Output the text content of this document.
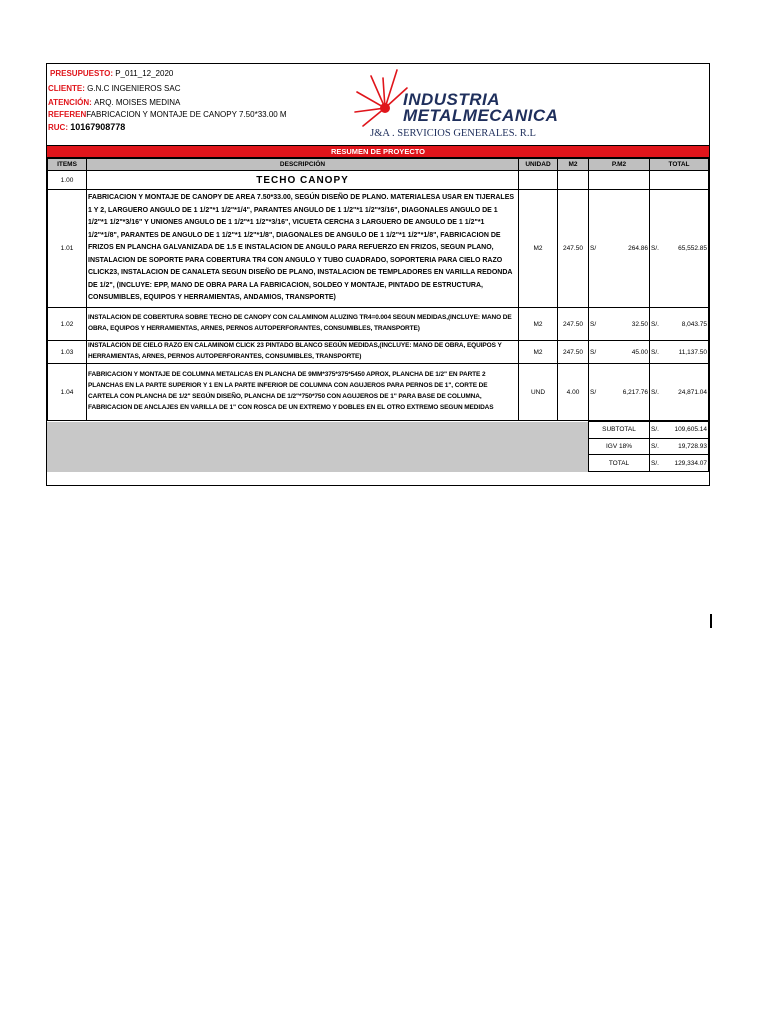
PRESUPUESTO: P_011_12_2020
CLIENTE: G.N.C INGENIEROS SAC
ATENCIÓN: ARQ. MOISES MEDINA
REFERENFABRICACION Y MONTAJE DE CANOPY 7.50*33.00 M
RUC: 10167908778
INDUSTRIA
METALMECANICA
J&A . SERVICIOS GENERALES. R.L
RESUMEN DE PROYECTO
ITEMS	DESCRIPCIÓN	UNIDAD	M2	P.M2	TOTAL
1.00	TECHO CANOPY				
1.01	FABRICACION Y MONTAJE DE CANOPY DE AREA 7.50*33.00, SEGÚN DISEÑO DE PLANO. MATERIALESA USAR EN TIJERALES 1 Y 2, LARGUERO ANGULO DE 1 1/2"*1 1/2"*1/4", PARANTES ANGULO DE 1 1/2"*1 1/2"*3/16", DIAGONALES ANGULO DE 1 1/2"*1 1/2"*3/16" Y UNIONES ANGULO DE 1 1/2"*1 1/2"*3/16", VICUETA CERCHA 3 LARGUERO DE ANGULO DE 1 1/2"*1 1/2"*1/8", PARANTES DE ANGULO DE 1 1/2"*1 1/2"*1/8", DIAGONALES DE ANGULO DE 1 1/2"*1 1/2"*1/8", FABRICACION DE FRIZOS EN PLANCHA GALVANIZADA DE 1.5 E INSTALACION DE ANGULO PARA REFUERZO EN FRIZOS, SEGUN PLANO, INSTALACION DE SOPORTE PARA COBERTURA TR4 CON ANGULO Y TUBO CUADRADO, SOPORTERIA PARA CIELO RAZO CLICK23, INSTALACION DE CANALETA SEGUN DISEÑO DE PLANO, INSTALACION DE TEMPLADORES EN VARILLA REDONDA DE 1/2", (INCLUYE: EPP, MANO DE OBRA PARA LA FABRICACION, SOLDEO Y MONTAJE, PINTADO DE ESTRUCTURA, CONSUMIBLES, EQUIPOS Y HERRAMIENTAS, ANDAMIOS, TRANSPORTE)	M2	247.50	S/ 264.86	S/. 65,552.85

1.02	INSTALACION DE COBERTURA SOBRE TECHO DE CANOPY CON CALAMINOM ALUZING TR4=0.004 SEGUN MEDIDAS,(INCLUYE: MANO DE OBRA, EQUIPOS Y HERRAMIENTAS, ARNES, PERNOS AUTOPERFORANTES, CONSUMIBLES, TRANSPORTE)	M2	247.50	S/ 32.50	S/. 8,043.75

1.03	INSTALACION DE CIELO RAZO EN CALAMINOM CLICK 23 PINTADO BLANCO SEGÚN MEDIDAS,(INCLUYE: MANO DE OBRA, EQUIPOS Y HERRAMIENTAS, ARNES, PERNOS AUTOPERFORANTES, CONSUMIBLES, TRANSPORTE)	M2	247.50	S/ 45.00	S/. 11,137.50

1.04	FABRICACION Y MONTAJE DE COLUMNA METALICAS EN PLANCHA DE 9MM*375*375*5450 APROX, PLANCHA DE 1/2" EN PARTE 2 PLANCHAS EN LA PARTE SUPERIOR Y 1 EN LA PARTE INFERIOR DE COLUMNA CON AGUJEROS PARA PERNOS DE 1", CORTE DE CARTELA CON PLANCHA DE 1/2" SEGÚN DISEÑO, PLANCHA DE 1/2"*750*750 CON AGUJEROS DE 1" PARA BASE DE COLUMNA, FABRICACION DE ANCLAJES EN VARILLA DE 1" CON ROSCA DE UN EXTREMO Y DOBLES EN EL OTRO EXTREMO SEGUN MEDIDAS	UND	4.00	S/ 6,217.76	S/. 24,871.04
	SUBTOTAL	S/. 109,605.14

	IGV 18%	S/. 19,728.93

	TOTAL	S/. 129,334.07
